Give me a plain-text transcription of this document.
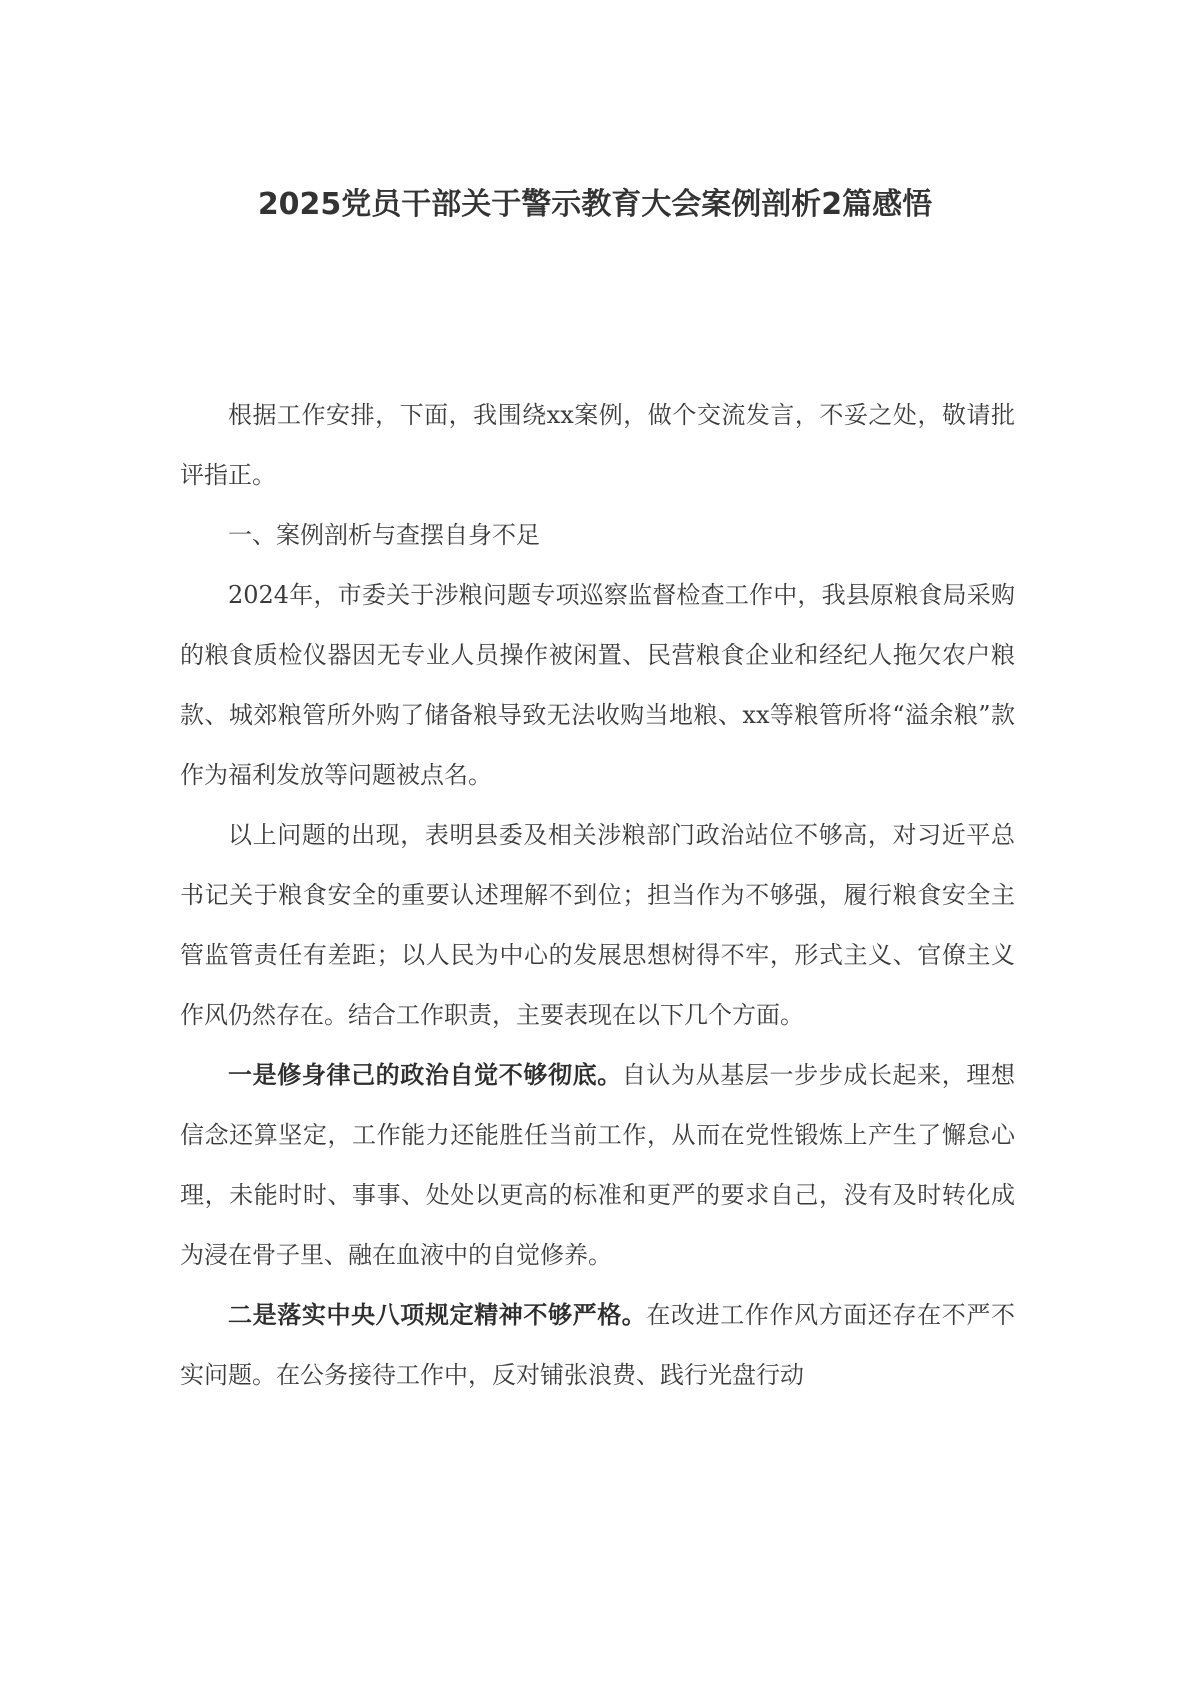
2025党员干部关于警示教育大会案例剖析2篇感悟

根据工作安排，下面，我围绕xx案例，做个交流发言，不妥之处，敬请批评指正。

一、案例剖析与查摆自身不足

2024年，市委关于涉粮问题专项巡察监督检查工作中，我县原粮食局采购的粮食质检仪器因无专业人员操作被闲置、民营粮食企业和经纪人拖欠农户粮款、城郊粮管所外购了储备粮导致无法收购当地粮、xx等粮管所将“溢余粮”款作为福利发放等问题被点名。

以上问题的出现，表明县委及相关涉粮部门政治站位不够高，对习近平总书记关于粮食安全的重要认述理解不到位；担当作为不够强，履行粮食安全主管监管责任有差距；以人民为中心的发展思想树得不牢，形式主义、官僚主义作风仍然存在。结合工作职责，主要表现在以下几个方面。

一是修身律己的政治自觉不够彻底。自认为从基层一步步成长起来，理想信念还算坚定，工作能力还能胜任当前工作，从而在党性锻炼上产生了懈怠心理，未能时时、事事、处处以更高的标准和更严的要求自己，没有及时转化成为浸在骨子里、融在血液中的自觉修养。

二是落实中央八项规定精神不够严格。在改进工作作风方面还存在不严不实问题。在公务接待工作中，反对铺张浪费、践行光盘行动
